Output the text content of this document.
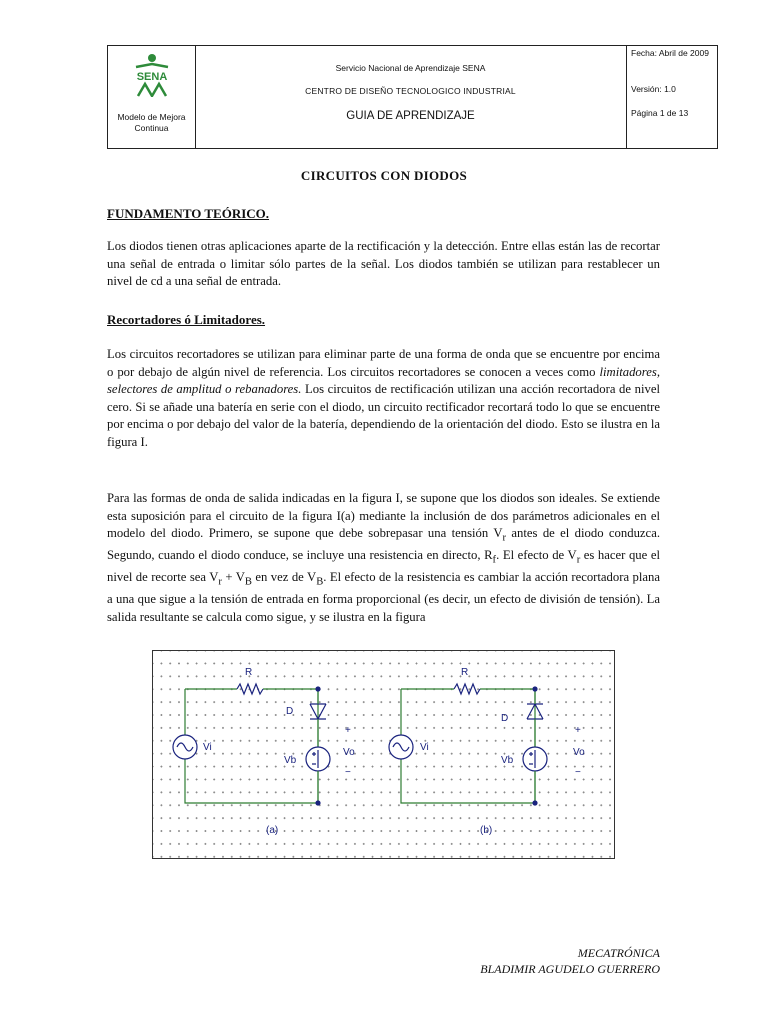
SENA
Modelo de Mejora Continua
Servicio Nacional de Aprendizaje SENA
CENTRO DE DISEÑO TECNOLOGICO INDUSTRIAL
GUIA DE APRENDIZAJE
Fecha: Abril de 2009
Versión: 1.0
Página 1 de 13
CIRCUITOS CON DIODOS
FUNDAMENTO TEÓRICO.

Los diodos tienen otras aplicaciones aparte de la rectificación y la detección. Entre ellas están las de recortar una señal de entrada o limitar sólo partes de la señal. Los diodos también se utilizan para restablecer un nivel de cd a una señal de entrada.

Recortadores ó Limitadores.

Los circuitos recortadores se utilizan para eliminar parte de una forma de onda que se encuentre por encima o por debajo de algún nivel de referencia. Los circuitos recortadores se conocen a veces como limitadores, selectores de amplitud o rebanadores. Los circuitos de rectificación utilizan una acción recortadora de nivel cero. Si se añade una batería en serie con el diodo, un circuito rectificador recortará todo lo que se encuentre por encima o por debajo del valor de la batería, dependiendo de la orientación del diodo. Esto se ilustra en la figura I.

Para las formas de onda de salida indicadas en la figura I, se supone que los diodos son ideales. Se extiende esta suposición para el circuito de la figura I(a) mediante la inclusión de dos parámetros adicionales en el modelo del diodo. Primero, se supone que debe sobrepasar una tensión $V_r$ antes de el diodo conduzca. Segundo, cuando el diodo conduce, se incluye una resistencia en directo, $R_f$. El efecto de $V_r$ es hacer que el nivel de recorte sea $V_r + V_B$ en vez de $V_B$. El efecto de la resistencia es cambiar la acción recortadora plana a una que sigue a la tensión de entrada en forma proporcional (es decir, un efecto de división de tensión). La salida resultante se calcula como sigue, y se ilustra en la figura

R
D
Vi
Vb
+
Vo
−
(a)
R
D
Vi
Vb
+
Vo
−
(b)
MECATRÓNICA
BLADIMIR AGUDELO GUERRERO
